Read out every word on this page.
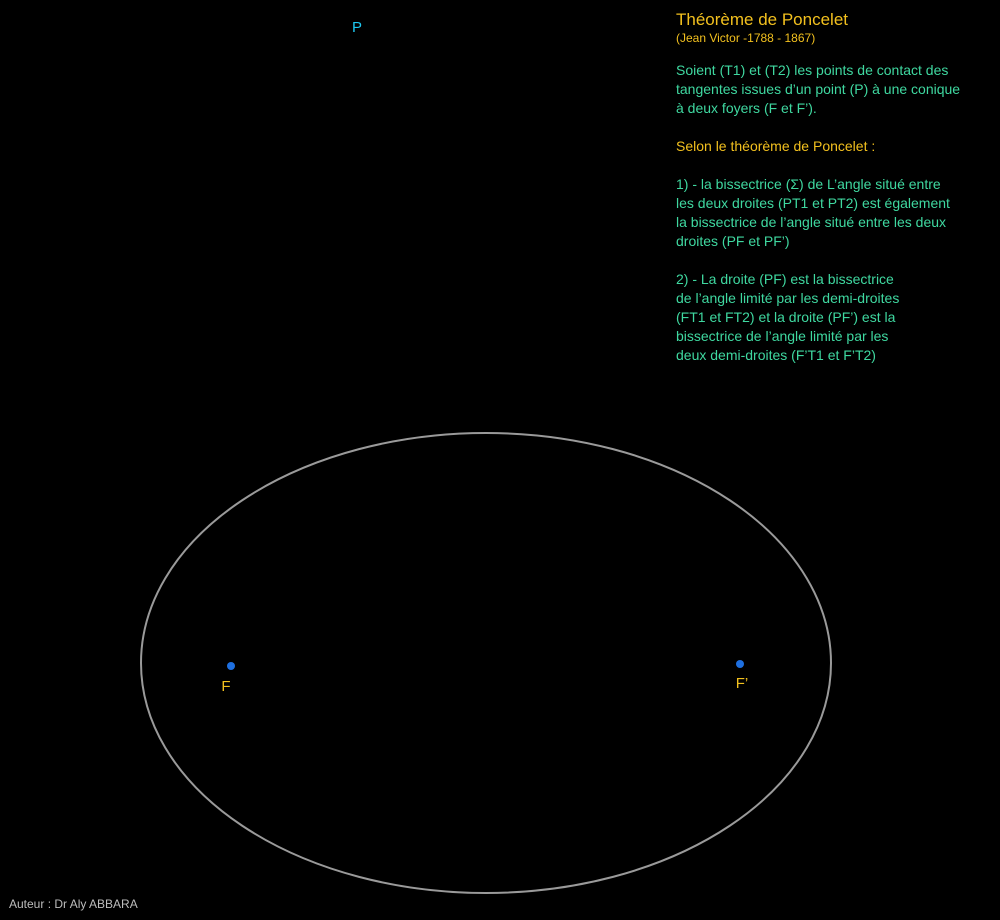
P
F	F’
Théorème de Poncelet
(Jean Victor -1788 - 1867)
Soient (T1) et (T2) les points de contact des
tangentes issues d’un point (P) à une conique
à deux foyers (F et F’).
Selon le théorème de Poncelet :
1) - la bissectrice (Σ) de L’angle situé entre
les deux droites (PT1 et PT2) est également
la bissectrice de l’angle situé entre les deux
droites (PF et PF’)
2) - La droite (PF) est la bissectrice
de l’angle limité par les demi-droites
(FT1 et FT2) et la droite (PF’) est la
bissectrice de l’angle limité par les
deux demi-droites (F’T1 et F’T2)
Auteur : Dr Aly ABBARA
